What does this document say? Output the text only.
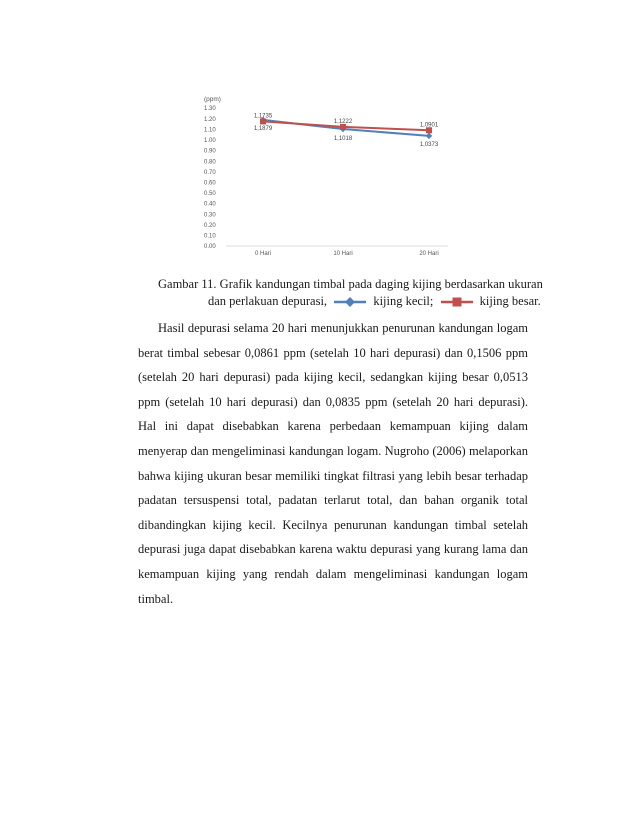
(ppm)
0.00
0.10
0.20
0.30
0.40
0.50
0.60
0.70
0.80
0.90
1.00
1.10
1.20
1.30
0 Hari	10 Hari	20 Hari
1,1879
1,1018
1,0373
1,1735
1,1222
1,0901
Gambar 11. Grafik kandungan timbal pada daging kijing berdasarkan ukuran
dan perlakuan depurasi,	kijing kecil;	kijing besar.

Hasil depurasi selama 20 hari menunjukkan penurunan kandungan logam berat timbal sebesar 0,0861 ppm (setelah 10 hari depurasi) dan 0,1506 ppm (setelah 20 hari depurasi) pada kijing kecil, sedangkan kijing besar 0,0513 ppm (setelah 10 hari depurasi) dan 0,0835 ppm (setelah 20 hari depurasi). Hal ini dapat disebabkan karena perbedaan kemampuan kijing dalam menyerap dan mengeliminasi kandungan logam. Nugroho (2006) melaporkan bahwa kijing ukuran besar memiliki tingkat filtrasi yang lebih besar terhadap padatan tersuspensi total, padatan terlarut total, dan bahan organik total dibandingkan kijing kecil. Kecilnya penurunan kandungan timbal setelah depurasi juga dapat disebabkan karena waktu depurasi yang kurang lama dan kemampuan kijing yang rendah dalam mengeliminasi kandungan logam timbal.
